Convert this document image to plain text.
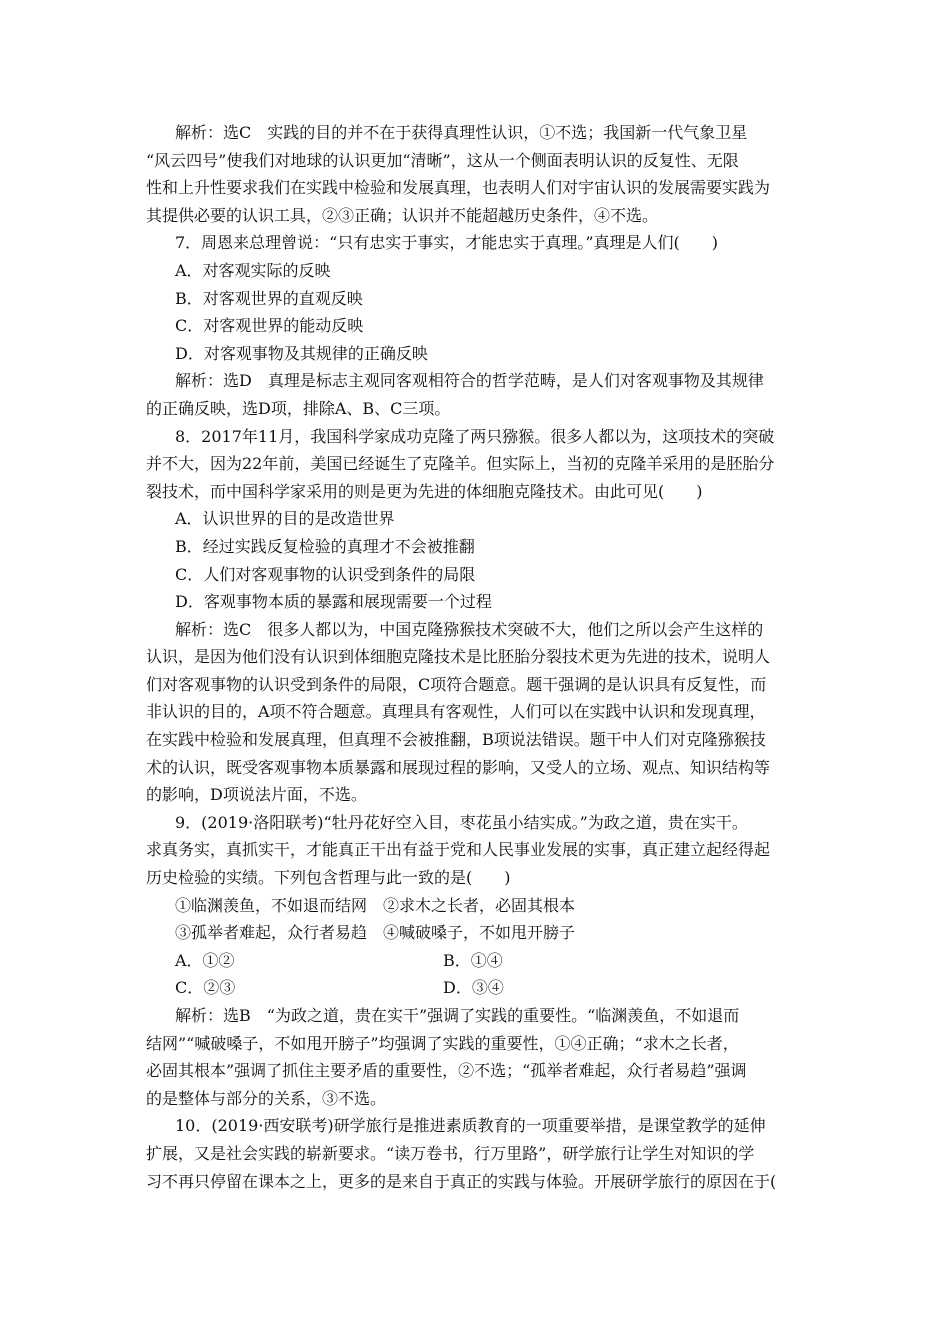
解析：选C　实践的目的并不在于获得真理性认识，①不选；我国新一代气象卫星
“风云四号”使我们对地球的认识更加“清晰”，这从一个侧面表明认识的反复性、无限
性和上升性要求我们在实践中检验和发展真理，也表明人们对宇宙认识的发展需要实践为
其提供必要的认识工具，②③正确；认识并不能超越历史条件，④不选。
7．周恩来总理曾说：“只有忠实于事实，才能忠实于真理。”真理是人们(　　)
A．对客观实际的反映
B．对客观世界的直观反映
C．对客观世界的能动反映
D．对客观事物及其规律的正确反映
解析：选D　真理是标志主观同客观相符合的哲学范畴，是人们对客观事物及其规律
的正确反映，选D项，排除A、B、C三项。
8．2017年11月，我国科学家成功克隆了两只猕猴。很多人都以为，这项技术的突破
并不大，因为22年前，美国已经诞生了克隆羊。但实际上，当初的克隆羊采用的是胚胎分
裂技术，而中国科学家采用的则是更为先进的体细胞克隆技术。由此可见(　　)
A．认识世界的目的是改造世界
B．经过实践反复检验的真理才不会被推翻
C．人们对客观事物的认识受到条件的局限
D．客观事物本质的暴露和展现需要一个过程
解析：选C　很多人都以为，中国克隆猕猴技术突破不大，他们之所以会产生这样的
认识，是因为他们没有认识到体细胞克隆技术是比胚胎分裂技术更为先进的技术，说明人
们对客观事物的认识受到条件的局限，C项符合题意。题干强调的是认识具有反复性，而
非认识的目的，A项不符合题意。真理具有客观性，人们可以在实践中认识和发现真理，
在实践中检验和发展真理，但真理不会被推翻，B项说法错误。题干中人们对克隆猕猴技
术的认识，既受客观事物本质暴露和展现过程的影响，又受人的立场、观点、知识结构等
的影响，D项说法片面，不选。
9．(2019·洛阳联考)“牡丹花好空入目，枣花虽小结实成。”为政之道，贵在实干。
求真务实，真抓实干，才能真正干出有益于党和人民事业发展的实事，真正建立起经得起
历史检验的实绩。下列包含哲理与此一致的是(　　)
①临渊羡鱼，不如退而结网　②求木之长者，必固其根本
③孤举者难起，众行者易趋　④喊破嗓子，不如甩开膀子
A．①②	B．①④
C．②③	D．③④
解析：选B　“为政之道，贵在实干”强调了实践的重要性。“临渊羡鱼，不如退而
结网”“喊破嗓子，不如甩开膀子”均强调了实践的重要性，①④正确；“求木之长者，
必固其根本”强调了抓住主要矛盾的重要性，②不选；“孤举者难起，众行者易趋”强调
的是整体与部分的关系，③不选。
10．(2019·西安联考)研学旅行是推进素质教育的一项重要举措，是课堂教学的延伸
扩展，又是社会实践的崭新要求。“读万卷书，行万里路”，研学旅行让学生对知识的学
习不再只停留在课本之上，更多的是来自于真正的实践与体验。开展研学旅行的原因在于(
